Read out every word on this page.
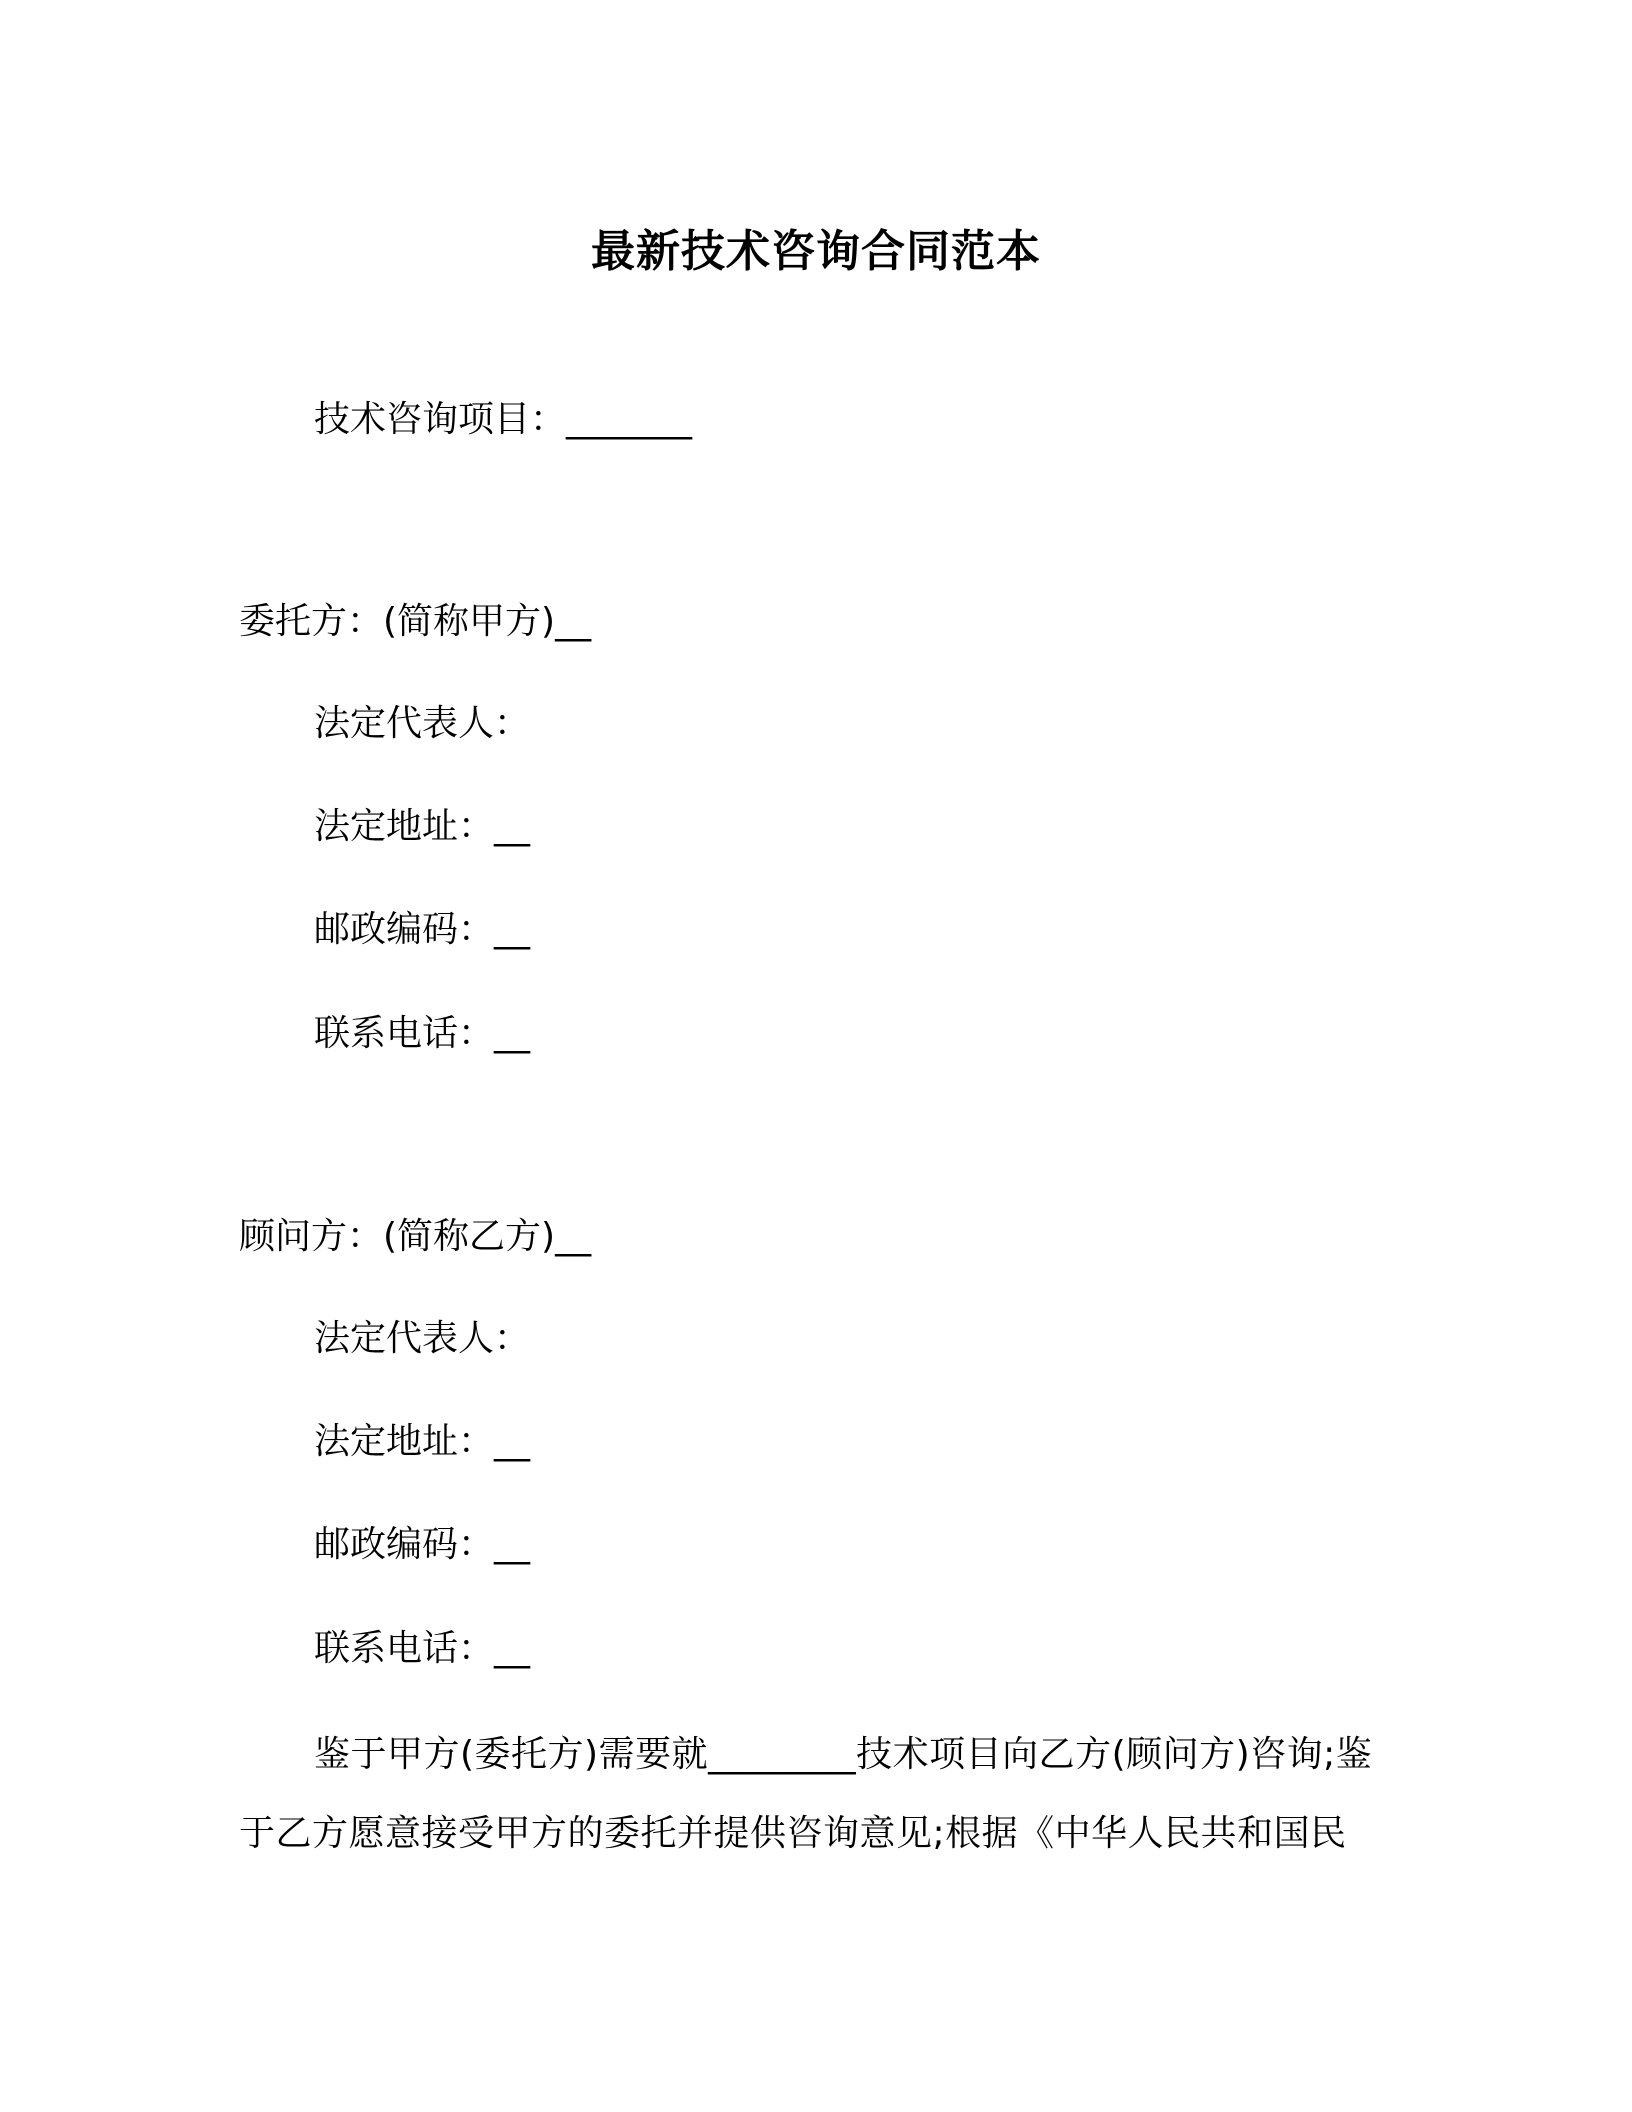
最新技术咨询合同范本
技术咨询项目：_______
委托方：(简称甲方)__
法定代表人：
法定地址：__
邮政编码：__
联系电话：__
顾问方：(简称乙方)__
法定代表人：
法定地址：__
邮政编码：__
联系电话：__
鉴于甲方(委托方)需要就________技术项目向乙方(顾问方)咨询;鉴于乙方愿意接受甲方的委托并提供咨询意见;根据《中华人民共和国民
